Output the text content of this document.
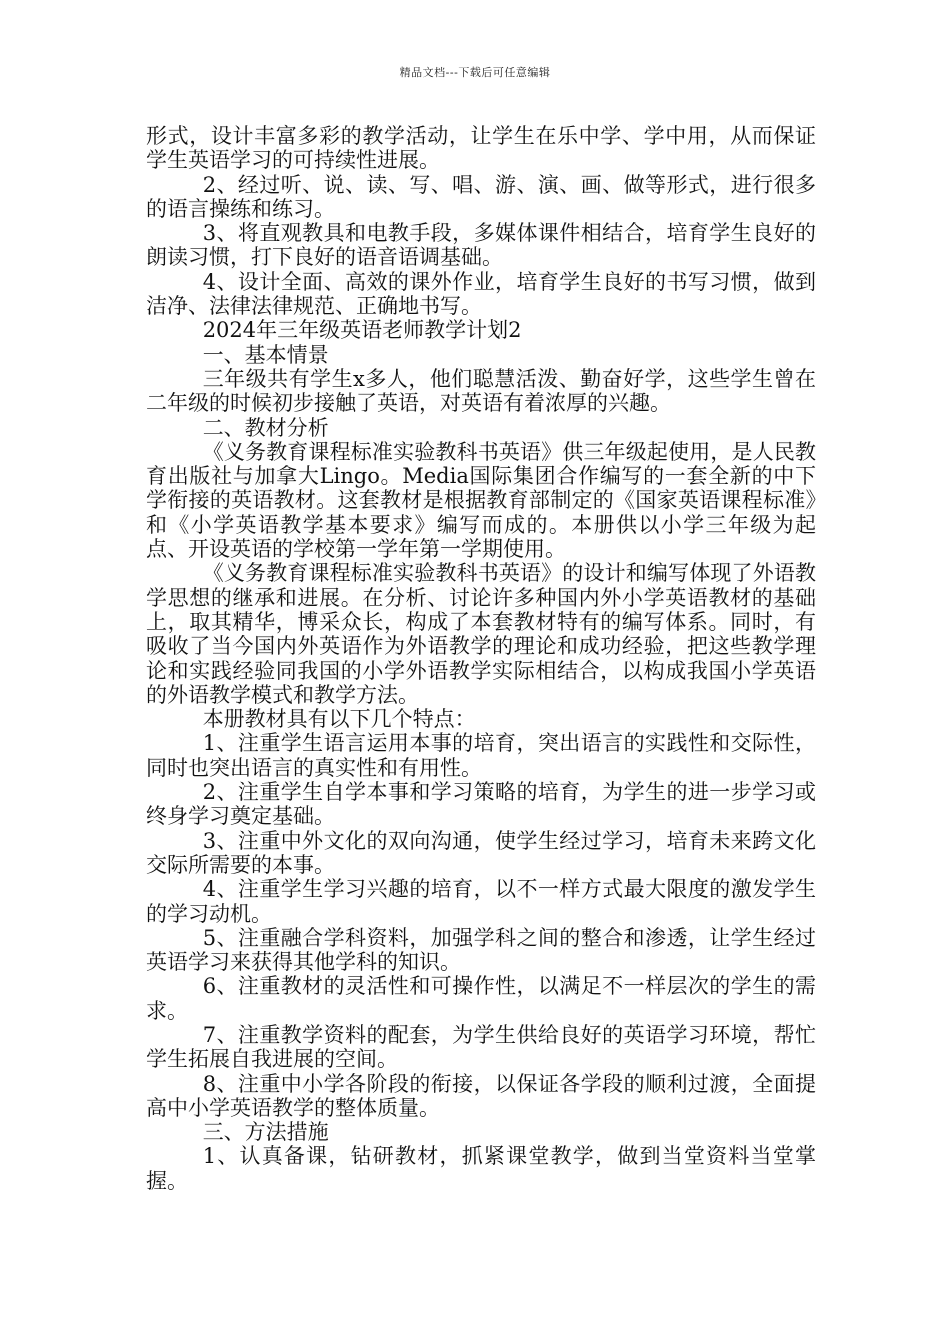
精品文档---下载后可任意编辑

形式，设计丰富多彩的教学活动，让学生在乐中学、学中用，从而保证学生英语学习的可持续性进展。

2、经过听、说、读、写、唱、游、演、画、做等形式，进行很多的语言操练和练习。

3、将直观教具和电教手段，多媒体课件相结合，培育学生良好的朗读习惯，打下良好的语音语调基础。

4、设计全面、高效的课外作业，培育学生良好的书写习惯，做到洁净、法律法律规范、正确地书写。

2024年三年级英语老师教学计划2

一、基本情景

三年级共有学生x多人，他们聪慧活泼、勤奋好学，这些学生曾在二年级的时候初步接触了英语，对英语有着浓厚的兴趣。

二、教材分析

《义务教育课程标准实验教科书英语》供三年级起使用，是人民教育出版社与加拿大Lingo。Media国际集团合作编写的一套全新的中下学衔接的英语教材。这套教材是根据教育部制定的《国家英语课程标准》和《小学英语教学基本要求》编写而成的。本册供以小学三年级为起点、开设英语的学校第一学年第一学期使用。

《义务教育课程标准实验教科书英语》的设计和编写体现了外语教学思想的继承和进展。在分析、讨论许多种国内外小学英语教材的基础上，取其精华，博采众长，构成了本套教材特有的编写体系。同时，有吸收了当今国内外英语作为外语教学的理论和成功经验，把这些教学理论和实践经验同我国的小学外语教学实际相结合，以构成我国小学英语的外语教学模式和教学方法。

本册教材具有以下几个特点：

1、注重学生语言运用本事的培育，突出语言的实践性和交际性，同时也突出语言的真实性和有用性。

2、注重学生自学本事和学习策略的培育，为学生的进一步学习或终身学习奠定基础。

3、注重中外文化的双向沟通，使学生经过学习，培育未来跨文化交际所需要的本事。

4、注重学生学习兴趣的培育，以不一样方式最大限度的激发学生的学习动机。

5、注重融合学科资料，加强学科之间的整合和渗透，让学生经过英语学习来获得其他学科的知识。

6、注重教材的灵活性和可操作性，以满足不一样层次的学生的需求。

7、注重教学资料的配套，为学生供给良好的英语学习环境，帮忙学生拓展自我进展的空间。

8、注重中小学各阶段的衔接，以保证各学段的顺利过渡，全面提高中小学英语教学的整体质量。

三、方法措施

1、认真备课，钻研教材，抓紧课堂教学，做到当堂资料当堂掌握。
